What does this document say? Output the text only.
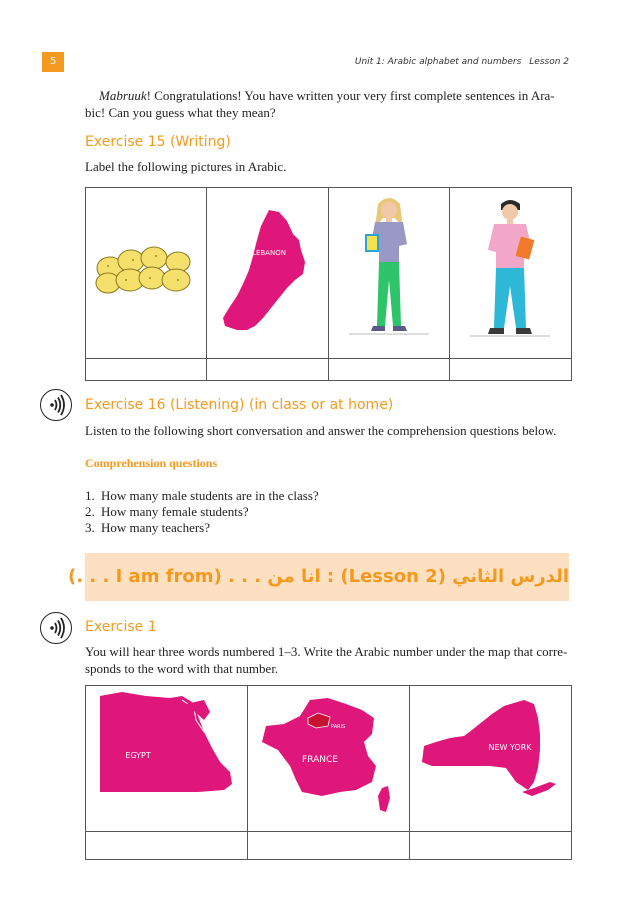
5	Unit 1: Arabic alphabet and numbers Lesson 2
Mabruuk! Congratulations! You have written your very first complete sentences in Ara-
bic! Can you guess what they mean?
Exercise 15 (Writing)
Label the following pictures in Arabic.

LEBANON

Exercise 16 (Listening) (in class or at home)
Listen to the following short conversation and answer the comprehension questions below.
Comprehension questions
1. How many male students are in the class?
2. How many female students?
3. How many teachers?
الدرس الثاني (Lesson 2) : انا من . . . (I am from . . .)
Exercise 1
You will hear three words numbered 1–3. Write the Arabic number under the map that corre-
sponds to the word with that number.
EGYPT	PARIS
FRANCE	NEW YORK
